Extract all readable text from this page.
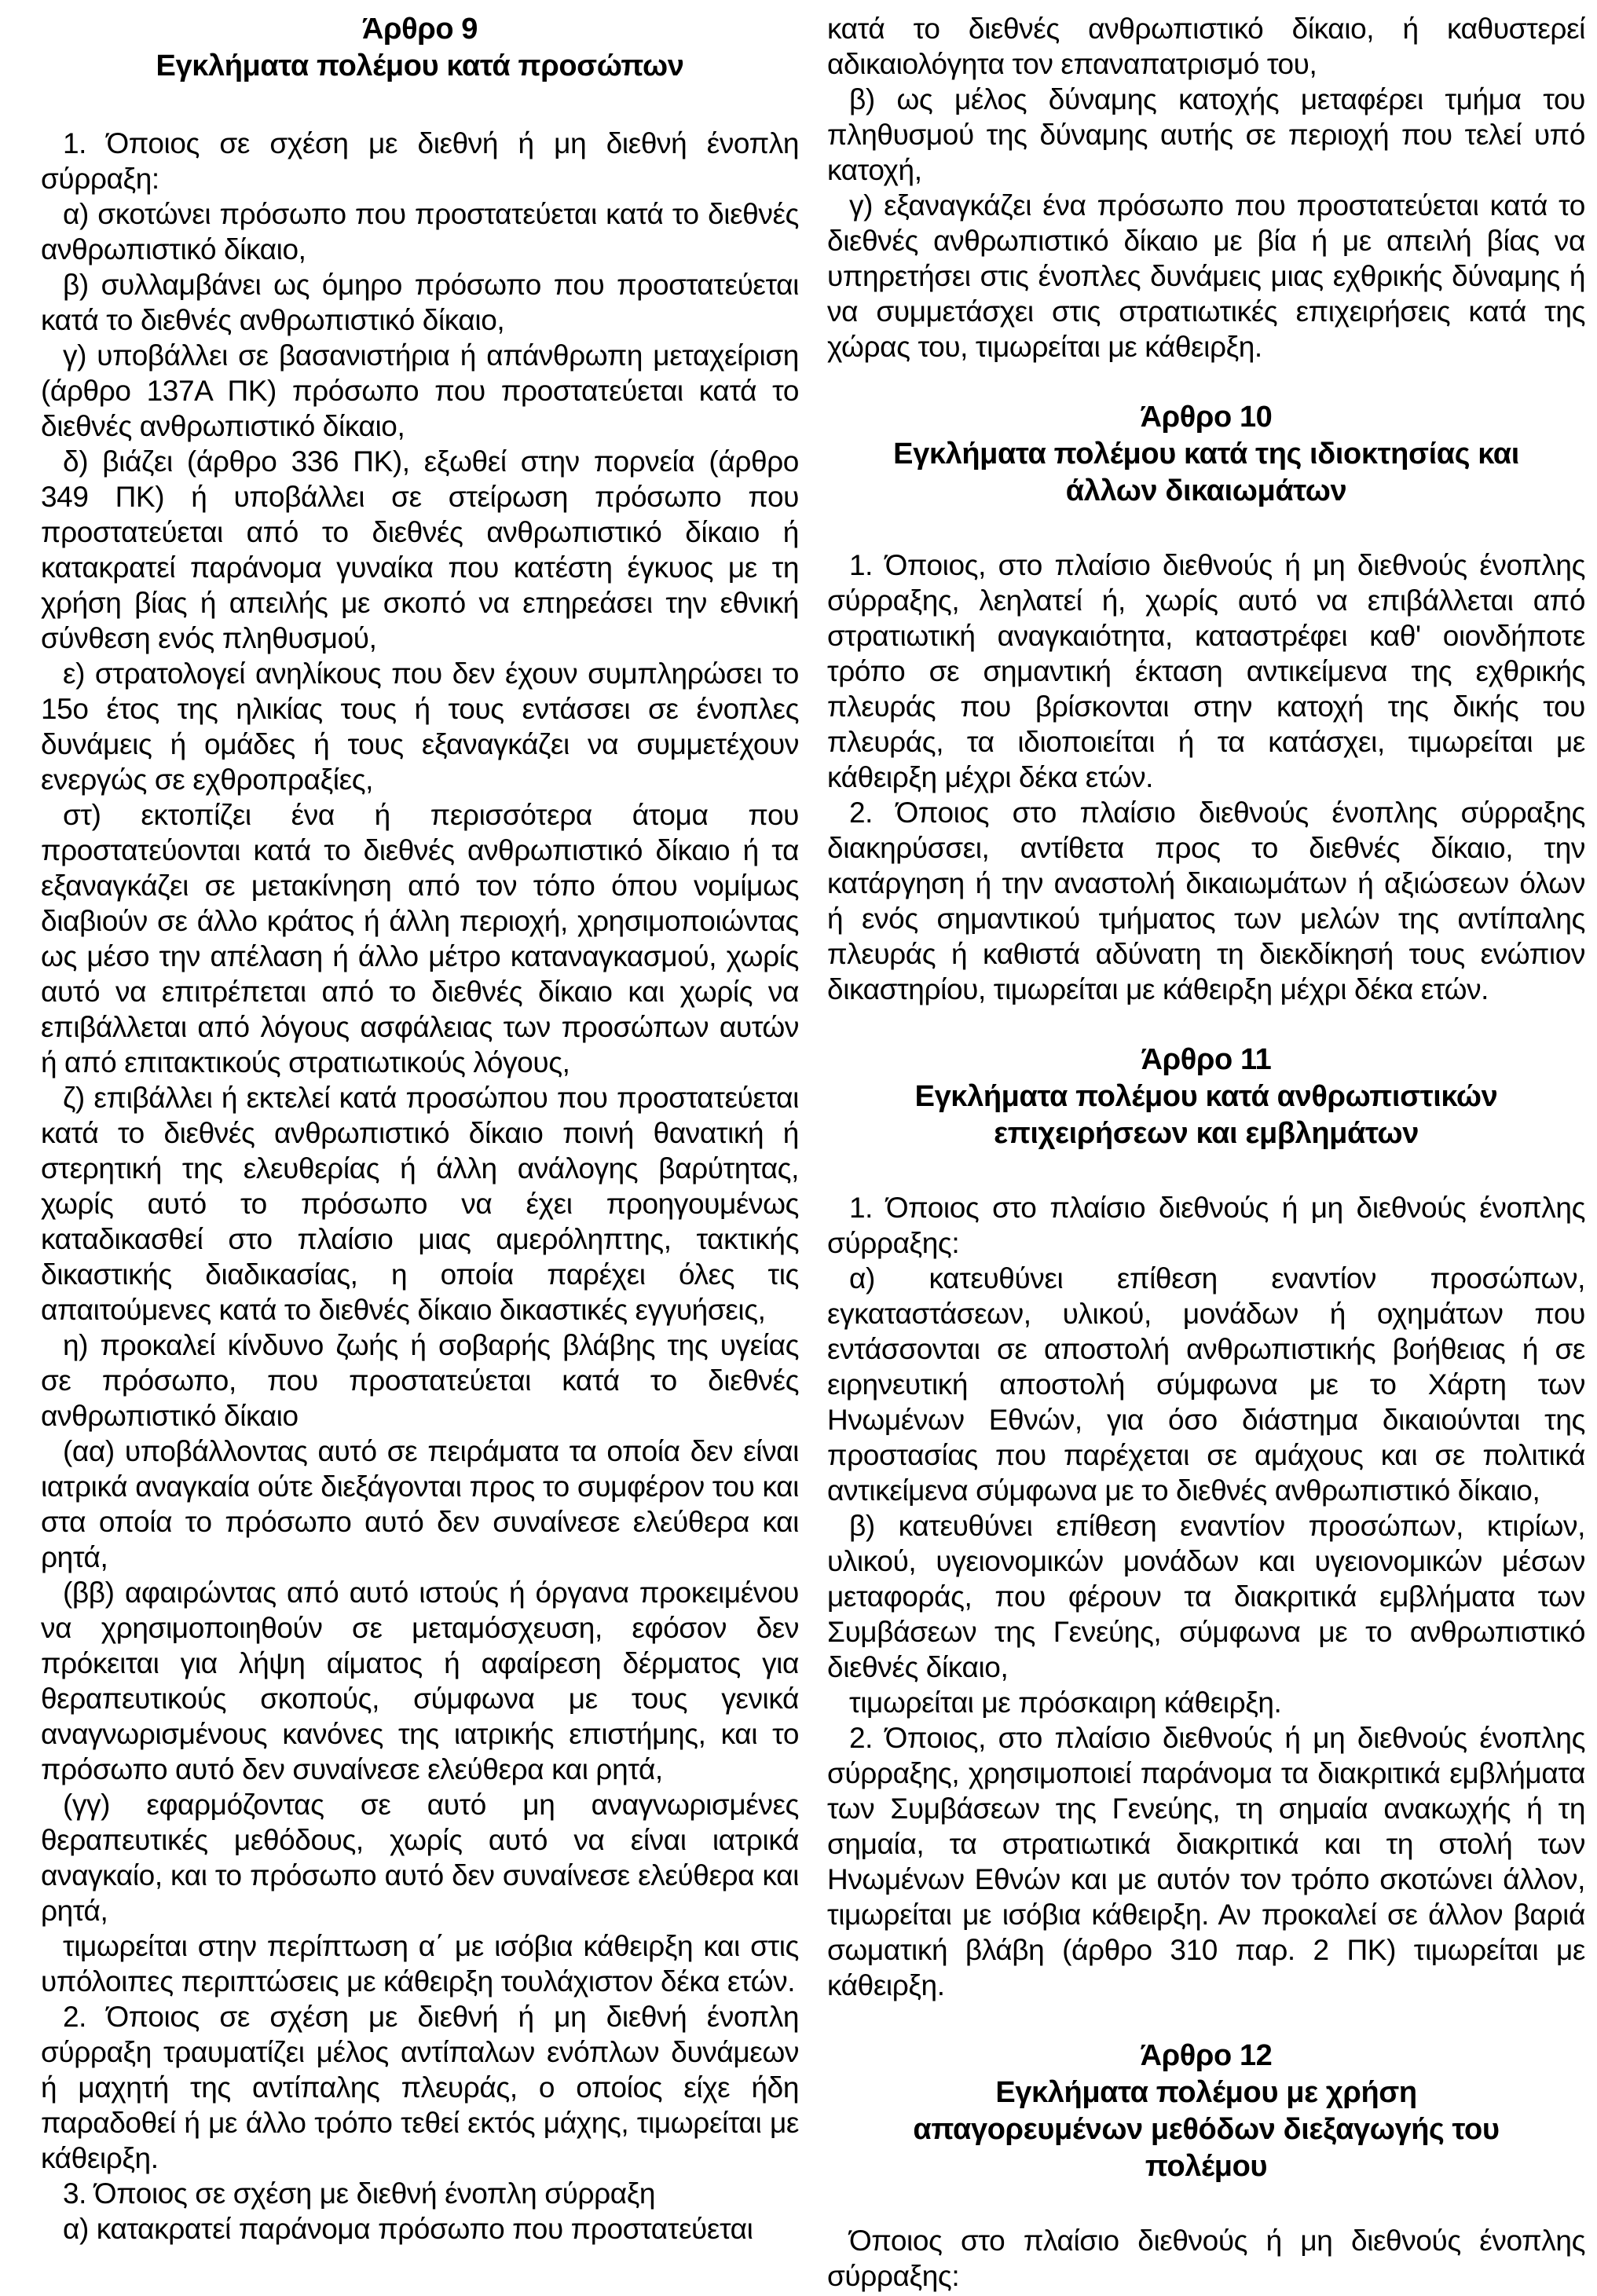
Άρθρο 9
Εγκλήματα πολέμου κατά προσώπων

1. Όποιος σε σχέση με διεθνή ή μη διεθνή ένοπλη σύρραξη:

α) σκοτώνει πρόσωπο που προστατεύεται κατά το διεθνές ανθρωπιστικό δίκαιο,

β) συλλαμβάνει ως όμηρο πρόσωπο που προστατεύεται κατά το διεθνές ανθρωπιστικό δίκαιο,

γ) υποβάλλει σε βασανιστήρια ή απάνθρωπη μεταχείριση (άρθρο 137Α ΠΚ) πρόσωπο που προστατεύεται κατά το διεθνές ανθρωπιστικό δίκαιο,

δ) βιάζει (άρθρο 336 ΠΚ), εξωθεί στην πορνεία (άρθρο 349 ΠΚ) ή υποβάλλει σε στείρωση πρόσωπο που προστατεύεται από το διεθνές ανθρωπιστικό δίκαιο ή κατακρατεί παράνομα γυναίκα που κατέστη έγκυος με τη χρήση βίας ή απειλής με σκοπό να επηρεάσει την εθνική σύνθεση ενός πληθυσμού,

ε) στρατολογεί ανηλίκους που δεν έχουν συμπληρώσει το 15ο έτος της ηλικίας τους ή τους εντάσσει σε ένοπλες δυνάμεις ή ομάδες ή τους εξαναγκάζει να συμμετέχουν ενεργώς σε εχθροπραξίες,

στ) εκτοπίζει ένα ή περισσότερα άτομα που προστατεύονται κατά το διεθνές ανθρωπιστικό δίκαιο ή τα εξαναγκάζει σε μετακίνηση από τον τόπο όπου νομίμως διαβιούν σε άλλο κράτος ή άλλη περιοχή, χρησιμοποιώντας ως μέσο την απέλαση ή άλλο μέτρο καταναγκασμού, χωρίς αυτό να επιτρέπεται από το διεθνές δίκαιο και χωρίς να επιβάλλεται από λόγους ασφάλειας των προσώπων αυτών ή από επιτακτικούς στρατιωτικούς λόγους,

ζ) επιβάλλει ή εκτελεί κατά προσώπου που προστατεύεται κατά το διεθνές ανθρωπιστικό δίκαιο ποινή θανατική ή στερητική της ελευθερίας ή άλλη ανάλογης βαρύτητας, χωρίς αυτό το πρόσωπο να έχει προηγουμένως καταδικασθεί στο πλαίσιο μιας αμερόληπτης, τακτικής δικαστικής διαδικασίας, η οποία παρέχει όλες τις απαιτούμενες κατά το διεθνές δίκαιο δικαστικές εγγυήσεις,

η) προκαλεί κίνδυνο ζωής ή σοβαρής βλάβης της υγείας σε πρόσωπο, που προστατεύεται κατά το διεθνές ανθρωπιστικό δίκαιο

(αα) υποβάλλοντας αυτό σε πειράματα τα οποία δεν είναι ιατρικά αναγκαία ούτε διεξάγονται προς το συμφέρον του και στα οποία το πρόσωπο αυτό δεν συναίνεσε ελεύθερα και ρητά,

(ββ) αφαιρώντας από αυτό ιστούς ή όργανα προκειμένου να χρησιμοποιηθούν σε μεταμόσχευση, εφόσον δεν πρόκειται για λήψη αίματος ή αφαίρεση δέρματος για θεραπευτικούς σκοπούς, σύμφωνα με τους γενικά αναγνωρισμένους κανόνες της ιατρικής επιστήμης, και το πρόσωπο αυτό δεν συναίνεσε ελεύθερα και ρητά,

(γγ) εφαρμόζοντας σε αυτό μη αναγνωρισμένες θεραπευτικές μεθόδους, χωρίς αυτό να είναι ιατρικά αναγκαίο, και το πρόσωπο αυτό δεν συναίνεσε ελεύθερα και ρητά,

τιμωρείται στην περίπτωση α΄ με ισόβια κάθειρξη και στις υπόλοιπες περιπτώσεις με κάθειρξη τουλάχιστον δέκα ετών.

2. Όποιος σε σχέση με διεθνή ή μη διεθνή ένοπλη σύρραξη τραυματίζει μέλος αντίπαλων ενόπλων δυνάμεων ή μαχητή της αντίπαλης πλευράς, ο οποίος είχε ήδη παραδοθεί ή με άλλο τρόπο τεθεί εκτός μάχης, τιμωρείται με κάθειρξη.

3. Όποιος σε σχέση με διεθνή ένοπλη σύρραξη

α) κατακρατεί παράνομα πρόσωπο που προστατεύεται

κατά το διεθνές ανθρωπιστικό δίκαιο, ή καθυστερεί αδικαιολόγητα τον επαναπατρισμό του,

β) ως μέλος δύναμης κατοχής μεταφέρει τμήμα του πληθυσμού της δύναμης αυτής σε περιοχή που τελεί υπό κατοχή,

γ) εξαναγκάζει ένα πρόσωπο που προστατεύεται κατά το διεθνές ανθρωπιστικό δίκαιο με βία ή με απειλή βίας να υπηρετήσει στις ένοπλες δυνάμεις μιας εχθρικής δύναμης ή να συμμετάσχει στις στρατιωτικές επιχειρήσεις κατά της χώρας του, τιμωρείται με κάθειρξη.

Άρθρο 10
Εγκλήματα πολέμου κατά της ιδιοκτησίας και άλλων δικαιωμάτων

1. Όποιος, στο πλαίσιο διεθνούς ή μη διεθνούς ένοπλης σύρραξης, λεηλατεί ή, χωρίς αυτό να επιβάλλεται από στρατιωτική αναγκαιότητα, καταστρέφει καθ' οιονδήποτε τρόπο σε σημαντική έκταση αντικείμενα της εχθρικής πλευράς που βρίσκονται στην κατοχή της δικής του πλευράς, τα ιδιοποιείται ή τα κατάσχει, τιμωρείται με κάθειρξη μέχρι δέκα ετών.

2. Όποιος στο πλαίσιο διεθνούς ένοπλης σύρραξης διακηρύσσει, αντίθετα προς το διεθνές δίκαιο, την κατάργηση ή την αναστολή δικαιωμάτων ή αξιώσεων όλων ή ενός σημαντικού τμήματος των μελών της αντίπαλης πλευράς ή καθιστά αδύνατη τη διεκδίκησή τους ενώπιον δικαστηρίου, τιμωρείται με κάθειρξη μέχρι δέκα ετών.

Άρθρο 11
Εγκλήματα πολέμου κατά ανθρωπιστικών επιχειρήσεων και εμβλημάτων

1. Όποιος στο πλαίσιο διεθνούς ή μη διεθνούς ένοπλης σύρραξης:

α) κατευθύνει επίθεση εναντίον προσώπων, εγκαταστάσεων, υλικού, μονάδων ή οχημάτων που εντάσσονται σε αποστολή ανθρωπιστικής βοήθειας ή σε ειρηνευτική αποστολή σύμφωνα με το Χάρτη των Ηνωμένων Εθνών, για όσο διάστημα δικαιούνται της προστασίας που παρέχεται σε αμάχους και σε πολιτικά αντικείμενα σύμφωνα με το διεθνές ανθρωπιστικό δίκαιο,

β) κατευθύνει επίθεση εναντίον προσώπων, κτιρίων, υλικού, υγειονομικών μονάδων και υγειονομικών μέσων μεταφοράς, που φέρουν τα διακριτικά εμβλήματα των Συμβάσεων της Γενεύης, σύμφωνα με το ανθρωπιστικό διεθνές δίκαιο,

τιμωρείται με πρόσκαιρη κάθειρξη.

2. Όποιος, στο πλαίσιο διεθνούς ή μη διεθνούς ένοπλης σύρραξης, χρησιμοποιεί παράνομα τα διακριτικά εμβλήματα των Συμβάσεων της Γενεύης, τη σημαία ανακωχής ή τη σημαία, τα στρατιωτικά διακριτικά και τη στολή των Ηνωμένων Εθνών και με αυτόν τον τρόπο σκοτώνει άλλον, τιμωρείται με ισόβια κάθειρξη. Αν προκαλεί σε άλλον βαριά σωματική βλάβη (άρθρο 310 παρ. 2 ΠΚ) τιμωρείται με κάθειρξη.

Άρθρο 12
Εγκλήματα πολέμου με χρήση απαγορευμένων μεθόδων διεξαγωγής του πολέμου

Όποιος στο πλαίσιο διεθνούς ή μη διεθνούς ένοπλης σύρραξης:
